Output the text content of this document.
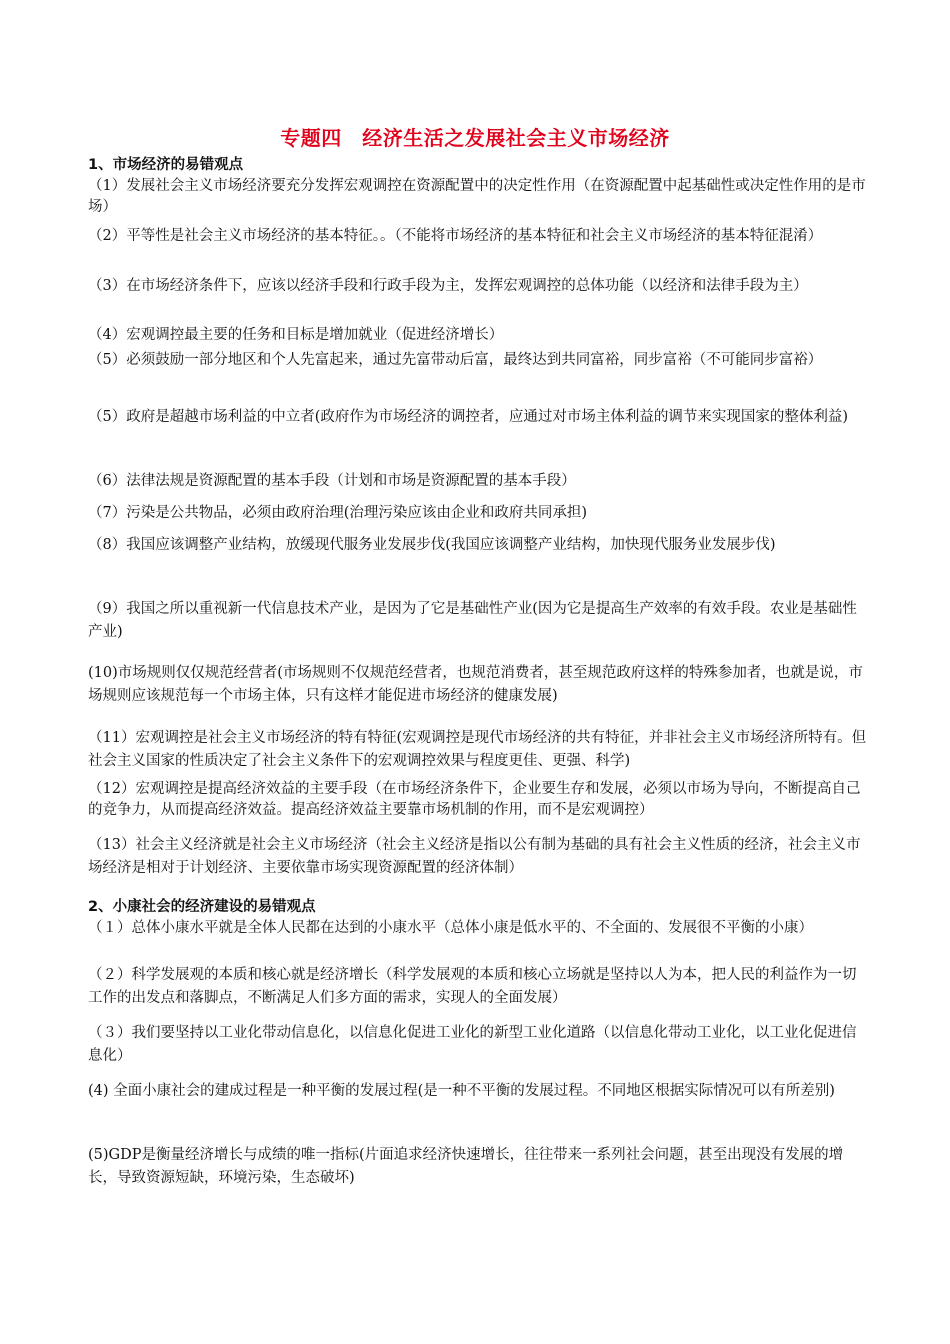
专题四　经济生活之发展社会主义市场经济
1、市场经济的易错观点
（1）发展社会主义市场经济要充分发挥宏观调控在资源配置中的决定性作用（在资源配置中起基础性或决定性作用的是市场）
（2）平等性是社会主义市场经济的基本特征。。（不能将市场经济的基本特征和社会主义市场经济的基本特征混淆）
（3）在市场经济条件下，应该以经济手段和行政手段为主，发挥宏观调控的总体功能（以经济和法律手段为主）
（4）宏观调控最主要的任务和目标是增加就业（促进经济增长）
（5）必须鼓励一部分地区和个人先富起来，通过先富带动后富，最终达到共同富裕，同步富裕（不可能同步富裕）
（5）政府是超越市场利益的中立者(政府作为市场经济的调控者，应通过对市场主体利益的调节来实现国家的整体利益)
（6）法律法规是资源配置的基本手段（计划和市场是资源配置的基本手段）
（7）污染是公共物品，必须由政府治理(治理污染应该由企业和政府共同承担)
（8）我国应该调整产业结构，放缓现代服务业发展步伐(我国应该调整产业结构，加快现代服务业发展步伐)
（9）我国之所以重视新一代信息技术产业，是因为了它是基础性产业(因为它是提高生产效率的有效手段。农业是基础性产业)
(10)市场规则仅仅规范经营者(市场规则不仅规范经营者，也规范消费者，甚至规范政府这样的特殊参加者，也就是说，市场规则应该规范每一个市场主体，只有这样才能促进市场经济的健康发展)
（11）宏观调控是社会主义市场经济的特有特征(宏观调控是现代市场经济的共有特征，并非社会主义市场经济所特有。但社会主义国家的性质决定了社会主义条件下的宏观调控效果与程度更佳、更强、科学)
（12）宏观调控是提高经济效益的主要手段（在市场经济条件下，企业要生存和发展，必须以市场为导向，不断提高自己的竞争力，从而提高经济效益。提高经济效益主要靠市场机制的作用，而不是宏观调控）
（13）社会主义经济就是社会主义市场经济（社会主义经济是指以公有制为基础的具有社会主义性质的经济，社会主义市场经济是相对于计划经济、主要依靠市场实现资源配置的经济体制）
2、小康社会的经济建设的易错观点
（１）总体小康水平就是全体人民都在达到的小康水平（总体小康是低水平的、不全面的、发展很不平衡的小康）
（２）科学发展观的本质和核心就是经济增长（科学发展观的本质和核心立场就是坚持以人为本，把人民的利益作为一切工作的出发点和落脚点，不断满足人们多方面的需求，实现人的全面发展）
（３）我们要坚持以工业化带动信息化，以信息化促进工业化的新型工业化道路（以信息化带动工业化，以工业化促进信息化）
(4) 全面小康社会的建成过程是一种平衡的发展过程(是一种不平衡的发展过程。不同地区根据实际情况可以有所差别)
(5)GDP是衡量经济增长与成绩的唯一指标(片面追求经济快速增长，往往带来一系列社会问题，甚至出现没有发展的增长，导致资源短缺，环境污染，生态破坏)
